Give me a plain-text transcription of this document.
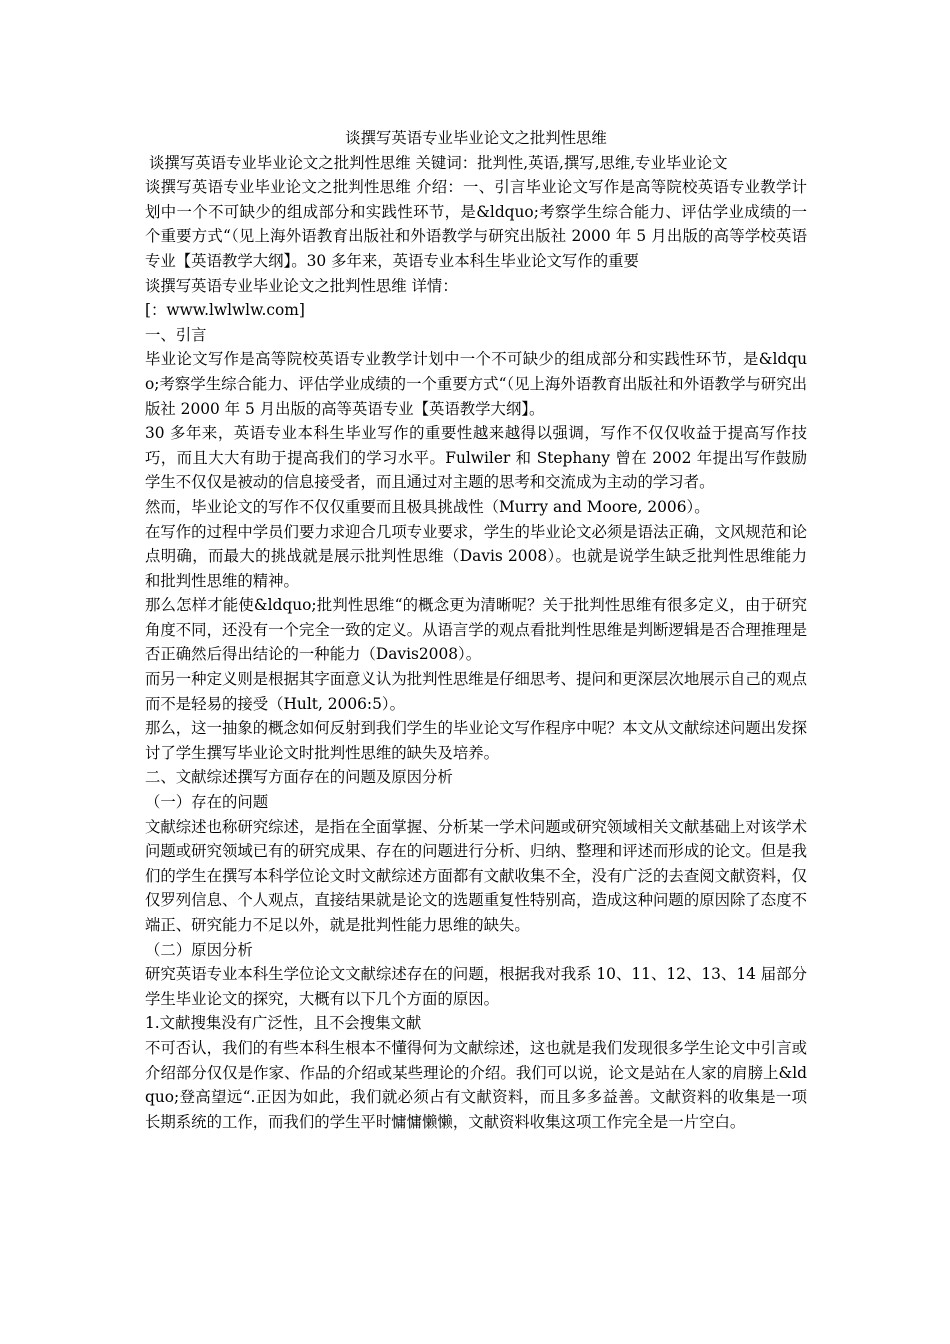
谈撰写英语专业毕业论文之批判性思维

谈撰写英语专业毕业论文之批判性思维 关键词：批判性,英语,撰写,思维,专业毕业论文

谈撰写英语专业毕业论文之批判性思维 介绍：一、引言毕业论文写作是高等院校英语专业教学计划中一个不可缺少的组成部分和实践性环节，是&ldquo;考察学生综合能力、评估学业成绩的一个重要方式“（见上海外语教育出版社和外语教学与研究出版社 2000 年 5 月出版的高等学校英语专业【英语教学大纲】。30 多年来，英语专业本科生毕业论文写作的重要

谈撰写英语专业毕业论文之批判性思维 详情：

[：www.lwlwlw.com]

一、引言

毕业论文写作是高等院校英语专业教学计划中一个不可缺少的组成部分和实践性环节，是&ldquo;考察学生综合能力、评估学业成绩的一个重要方式“（见上海外语教育出版社和外语教学与研究出版社 2000 年 5 月出版的高等英语专业【英语教学大纲】。

30 多年来，英语专业本科生毕业写作的重要性越来越得以强调，写作不仅仅收益于提高写作技巧，而且大大有助于提高我们的学习水平。Fulwiler 和 Stephany 曾在 2002 年提出写作鼓励学生不仅仅是被动的信息接受者，而且通过对主题的思考和交流成为主动的学习者。

然而，毕业论文的写作不仅仅重要而且极具挑战性（Murry and Moore, 2006）。

在写作的过程中学员们要力求迎合几项专业要求，学生的毕业论文必须是语法正确，文风规范和论点明确，而最大的挑战就是展示批判性思维（Davis 2008）。也就是说学生缺乏批判性思维能力和批判性思维的精神。

那么怎样才能使&ldquo;批判性思维“的概念更为清晰呢？关于批判性思维有很多定义，由于研究角度不同，还没有一个完全一致的定义。从语言学的观点看批判性思维是判断逻辑是否合理推理是否正确然后得出结论的一种能力（Davis2008）。

而另一种定义则是根据其字面意义认为批判性思维是仔细思考、提问和更深层次地展示自己的观点而不是轻易的接受（Hult, 2006:5）。

那么，这一抽象的概念如何反射到我们学生的毕业论文写作程序中呢？本文从文献综述问题出发探讨了学生撰写毕业论文时批判性思维的缺失及培养。

二、文献综述撰写方面存在的问题及原因分析

（一）存在的问题

文献综述也称研究综述，是指在全面掌握、分析某一学术问题或研究领域相关文献基础上对该学术问题或研究领域已有的研究成果、存在的问题进行分析、归纳、整理和评述而形成的论文。但是我们的学生在撰写本科学位论文时文献综述方面都有文献收集不全，没有广泛的去查阅文献资料，仅仅罗列信息、个人观点，直接结果就是论文的选题重复性特别高，造成这种问题的原因除了态度不端正、研究能力不足以外，就是批判性能力思维的缺失。

（二）原因分析

研究英语专业本科生学位论文文献综述存在的问题，根据我对我系 10、11、12、13、14 届部分学生毕业论文的探究，大概有以下几个方面的原因。

1.文献搜集没有广泛性，且不会搜集文献

不可否认，我们的有些本科生根本不懂得何为文献综述，这也就是我们发现很多学生论文中引言或介绍部分仅仅是作家、作品的介绍或某些理论的介绍。我们可以说，论文是站在人家的肩膀上&ldquo;登高望远“.正因为如此，我们就必须占有文献资料，而且多多益善。文献资料的收集是一项长期系统的工作，而我们的学生平时慵慵懒懒，文献资料收集这项工作完全是一片空白。
